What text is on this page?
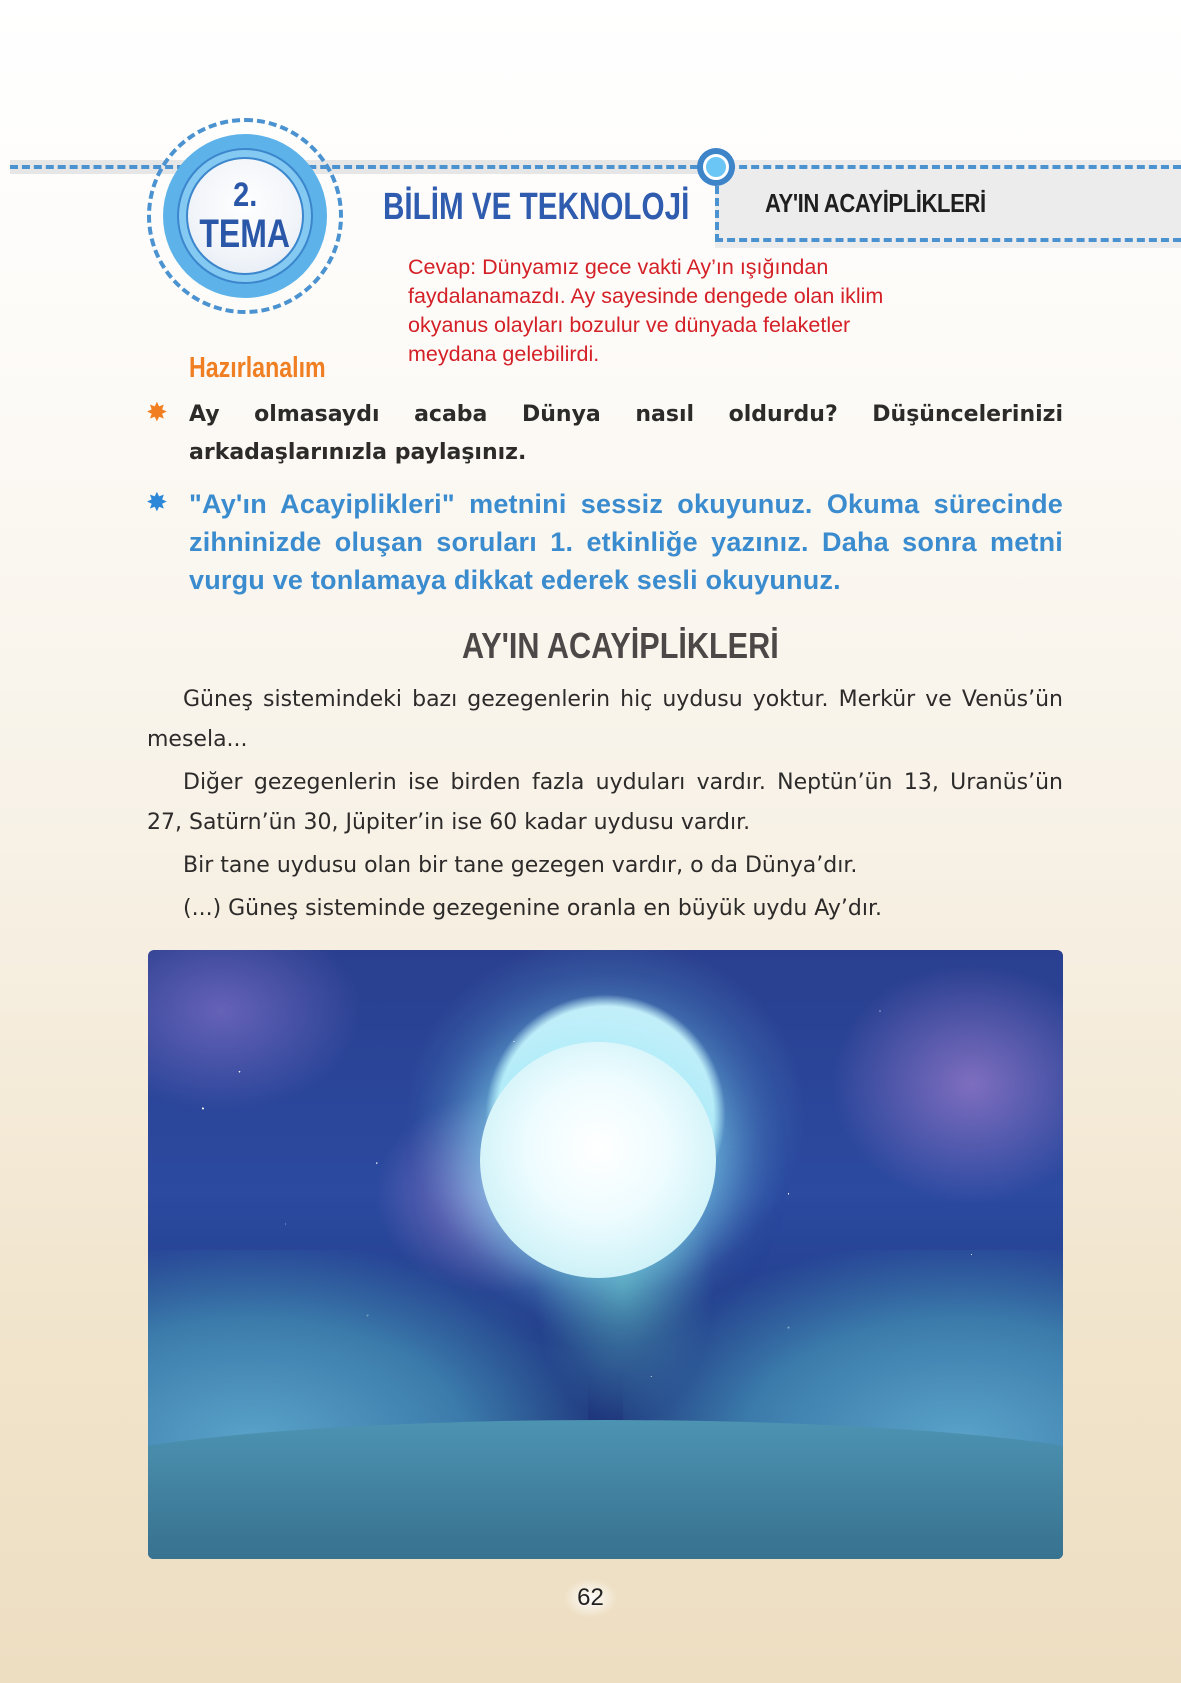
AY'IN ACAYİPLİKLERİ
2.
TEMA
BİLİM VE TEKNOLOJİ
Cevap: Dünyamız gece vakti Ay’ın ışığından faydalanamazdı. Ay sayesinde dengede olan iklim okyanus olayları bozulur ve dünyada felaketler meydana gelebilirdi.
Hazırlanalım
✸ Ay olmasaydı acaba Dünya nasıl oldurdu? Düşüncelerinizi arkadaşlarınızla paylaşınız.
✸ "Ay'ın Acayiplikleri" metnini sessiz okuyunuz. Okuma sürecinde zihninizde oluşan soruları 1. etkinliğe yazınız. Daha sonra metni vurgu ve tonlamaya dikkat ederek sesli okuyunuz.
AY'IN ACAYİPLİKLERİ

Güneş sistemindeki bazı gezegenlerin hiç uydusu yoktur. Merkür ve Venüs’ün mesela...

Diğer gezegenlerin ise birden fazla uyduları vardır. Neptün’ün 13, Uranüs’ün 27, Satürn’ün 30, Jüpiter’in ise 60 kadar uydusu vardır.

Bir tane uydusu olan bir tane gezegen vardır, o da Dünya’dır.

(...) Güneş sisteminde gezegenine oranla en büyük uydu Ay’dır.

62
